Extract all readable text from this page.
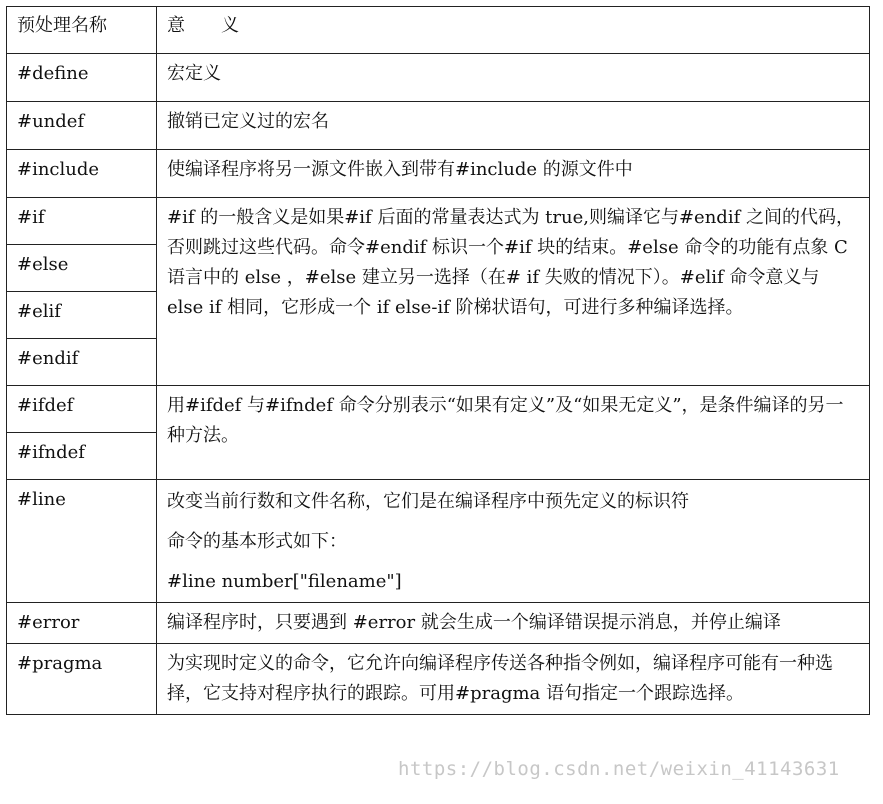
预处理名称	意 义
#define	宏定义
#undef	撤销已定义过的宏名
#include	使编译程序将另一源文件嵌入到带有#include 的源文件中
#if	#if 的一般含义是如果#if 后面的常量表达式为 true,则编译它与#endif 之间的代码，否则跳过这些代码。命令#endif 标识一个#if 块的结束。#else 命令的功能有点象 C 语言中的 else ，#else 建立另一选择（在# if 失败的情况下）。#elif 命令意义与 else if 相同，它形成一个 if else-if 阶梯状语句，可进行多种编译选择。
#else	
#elif	
#endif	
#ifdef	用#ifdef 与#ifndef 命令分别表示“如果有定义”及“如果无定义”，是条件编译的另一种方法。
#ifndef	
#line	改变当前行数和文件名称，它们是在编译程序中预先定义的标识符
命令的基本形式如下：
#line number["filename"]

#error	编译程序时，只要遇到 #error 就会生成一个编译错误提示消息，并停止编译
#pragma	为实现时定义的命令，它允许向编译程序传送各种指令例如，编译程序可能有一种选择，它支持对程序执行的跟踪。可用#pragma 语句指定一个跟踪选择。
https://blog.csdn.net/weixin_41143631
